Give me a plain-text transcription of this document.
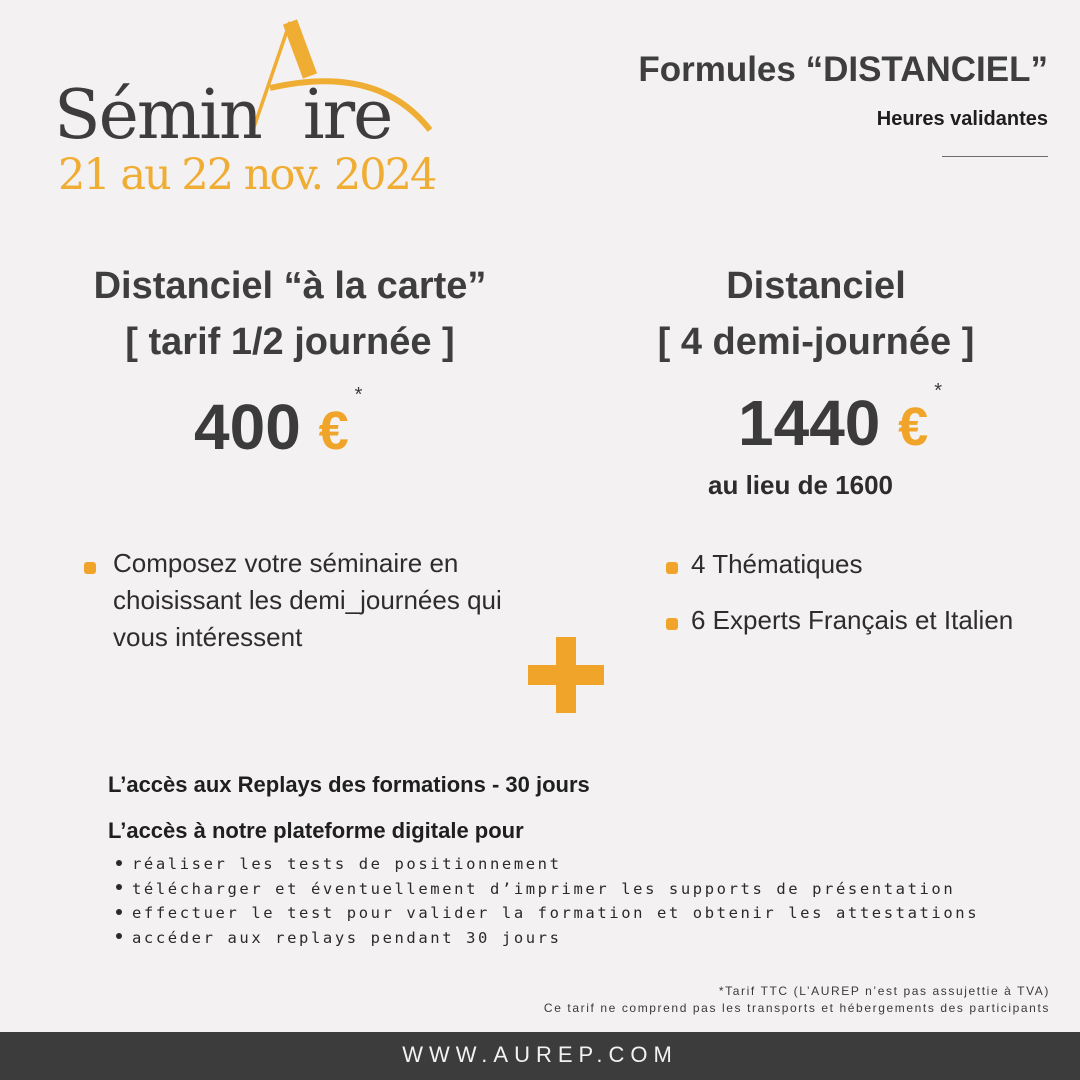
Sémin ire
21 au 22 nov. 2024
Formules “DISTANCIEL”
Heures validantes
Distanciel “à la carte”
[ tarif 1/2 journée ]
400 €*
Composez votre séminaire en choisissant les demi_journées qui vous intéressent
Distanciel
[ 4 demi-journée ]
1440 €*
au lieu de 1600
4 Thématiques
6 Experts Français et Italien
L’accès aux Replays des formations - 30 jours
L’accès à notre plateforme digitale pour
réaliser les tests de positionnement
télécharger et éventuellement d’imprimer les supports de présentation
effectuer le test pour valider la formation et obtenir les attestations
accéder aux replays pendant 30 jours
*Tarif TTC (L’AUREP n’est pas assujettie à TVA)
Ce tarif ne comprend pas les transports et hébergements des participants
WWW.AUREP.COM
